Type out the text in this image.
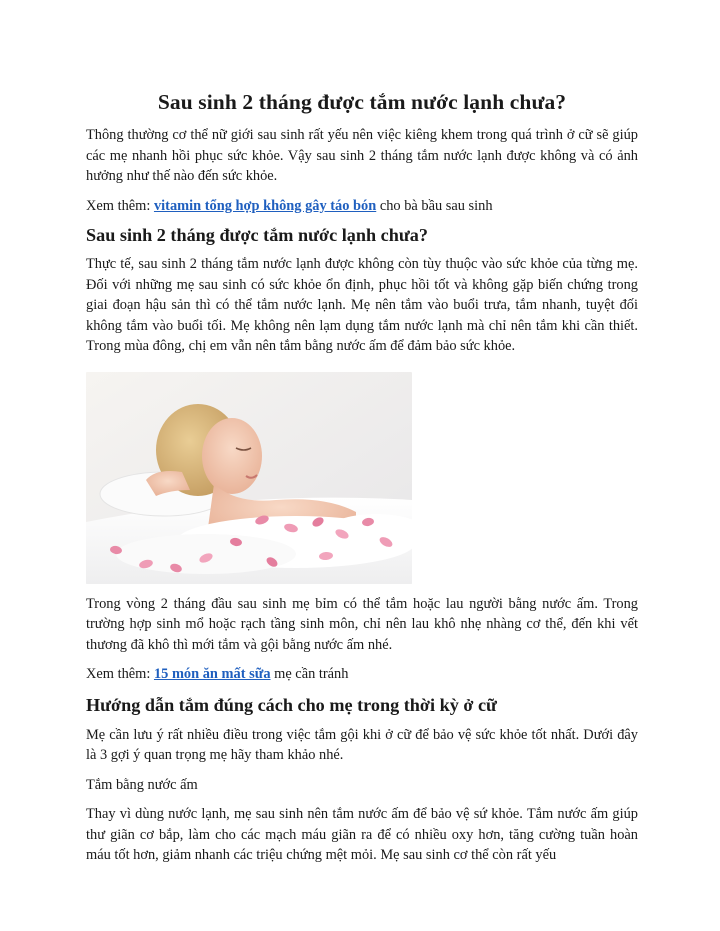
Sau sinh 2 tháng được tắm nước lạnh chưa?

Thông thường cơ thể nữ giới sau sinh rất yếu nên việc kiêng khem trong quá trình ở cữ sẽ giúp các mẹ nhanh hồi phục sức khỏe. Vậy sau sinh 2 tháng tắm nước lạnh được không và có ảnh hưởng như thế nào đến sức khỏe.

Xem thêm: vitamin tổng hợp không gây táo bón cho bà bầu sau sinh

Sau sinh 2 tháng được tắm nước lạnh chưa?

Thực tế, sau sinh 2 tháng tắm nước lạnh được không còn tùy thuộc vào sức khỏe của từng mẹ. Đối với những mẹ sau sinh có sức khỏe ổn định, phục hồi tốt và không gặp biến chứng trong giai đoạn hậu sản thì có thể tắm nước lạnh. Mẹ nên tắm vào buổi trưa, tắm nhanh, tuyệt đối không tắm vào buổi tối. Mẹ không nên lạm dụng tắm nước lạnh mà chỉ nên tắm khi cần thiết. Trong mùa đông, chị em vẫn nên tắm bằng nước ấm để đảm bảo sức khỏe.

Trong vòng 2 tháng đầu sau sinh mẹ bỉm có thể tắm hoặc lau người bằng nước ấm. Trong trường hợp sinh mổ hoặc rạch tầng sinh môn, chỉ nên lau khô nhẹ nhàng cơ thể, đến khi vết thương đã khô thì mới tắm và gội bằng nước ấm nhé.

Xem thêm: 15 món ăn mất sữa mẹ cần tránh

Hướng dẫn tắm đúng cách cho mẹ trong thời kỳ ở cữ

Mẹ cần lưu ý rất nhiều điều trong việc tắm gội khi ở cữ để bảo vệ sức khỏe tốt nhất. Dưới đây là 3 gợi ý quan trọng mẹ hãy tham khảo nhé.

Tắm bằng nước ấm

Thay vì dùng nước lạnh, mẹ sau sinh nên tắm nước ấm để bảo vệ sứ khỏe. Tắm nước ấm giúp thư giãn cơ bắp, làm cho các mạch máu giãn ra để có nhiều oxy hơn, tăng cường tuần hoàn máu tốt hơn, giảm nhanh các triệu chứng mệt mỏi. Mẹ sau sinh cơ thể còn rất yếu
